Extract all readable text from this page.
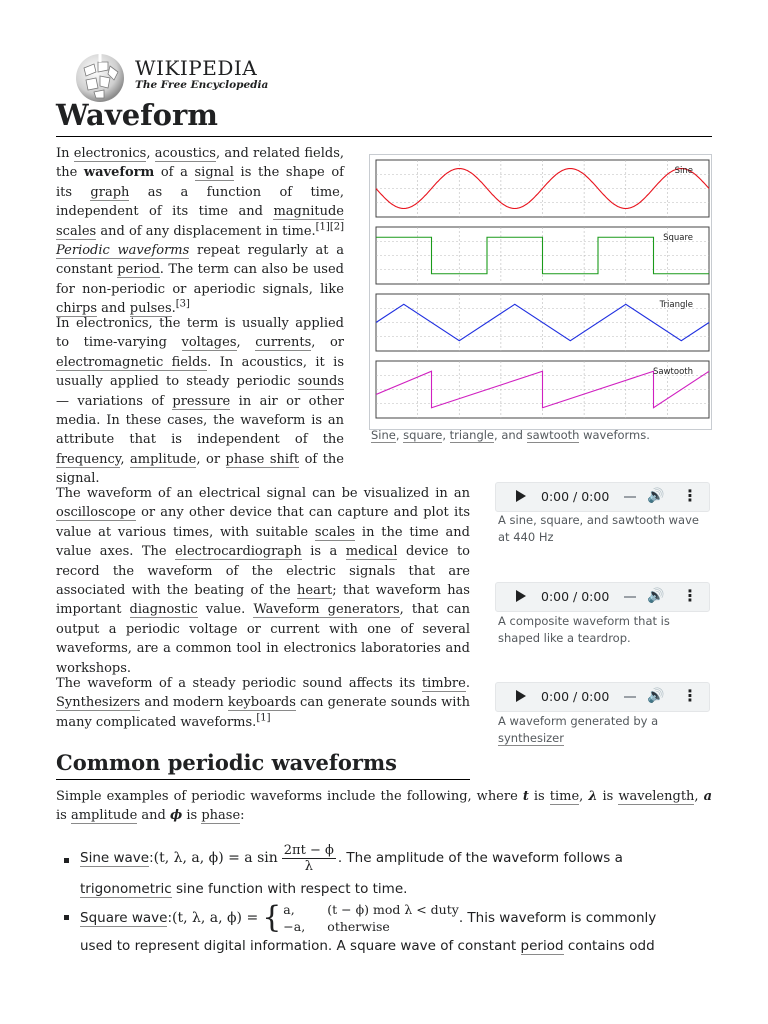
WIKIPEDIA
The Free Encyclopedia
Waveform
In electronics, acoustics, and related fields, the waveform of a signal is the shape of its graph as a function of time, independent of its time and magnitude scales and of any displacement in time.[1][2] Periodic waveforms repeat regularly at a constant period. The term can also be used for non-periodic or aperiodic signals, like chirps and pulses.[3]
In electronics, the term is usually applied to time-varying voltages, currents, or electromagnetic fields. In acoustics, it is usually applied to steady periodic sounds — variations of pressure in air or other media. In these cases, the waveform is an attribute that is independent of the frequency, amplitude, or phase shift of the signal.
Sine
Square
Triangle
Sawtooth
Sine, square, triangle, and sawtooth waveforms.
The waveform of an electrical signal can be visualized in an oscilloscope or any other device that can capture and plot its value at various times, with suitable scales in the time and value axes. The electrocardiograph is a medical device to record the waveform of the electric signals that are associated with the beating of the heart; that waveform has important diagnostic value. Waveform generators, that can output a periodic voltage or current with one of several waveforms, are a common tool in electronics laboratories and workshops.
The waveform of a steady periodic sound affects its timbre. Synthesizers and modern keyboards can generate sounds with many complicated waveforms.[1]
0:00 / 0:00	🔊 ⋮
A sine, square, and sawtooth wave at 440 Hz
0:00 / 0:00	🔊 ⋮
A composite waveform that is shaped like a teardrop.
0:00 / 0:00	🔊 ⋮
A waveform generated by a synthesizer
Common periodic waveforms
Simple examples of periodic waveforms include the following, where t is time, λ is wavelength, a is amplitude and ϕ is phase:
Sine wave : (t, λ, a, ϕ) = a sin 2πt − ϕ
λ . The amplitude of the waveform follows a
trigonometric sine function with respect to time.
Square wave : (t, λ, a, ϕ) = { a,	(t − ϕ) mod λ < duty
−a,	otherwise
. This waveform is commonly
used to represent digital information. A square wave of constant period contains odd
